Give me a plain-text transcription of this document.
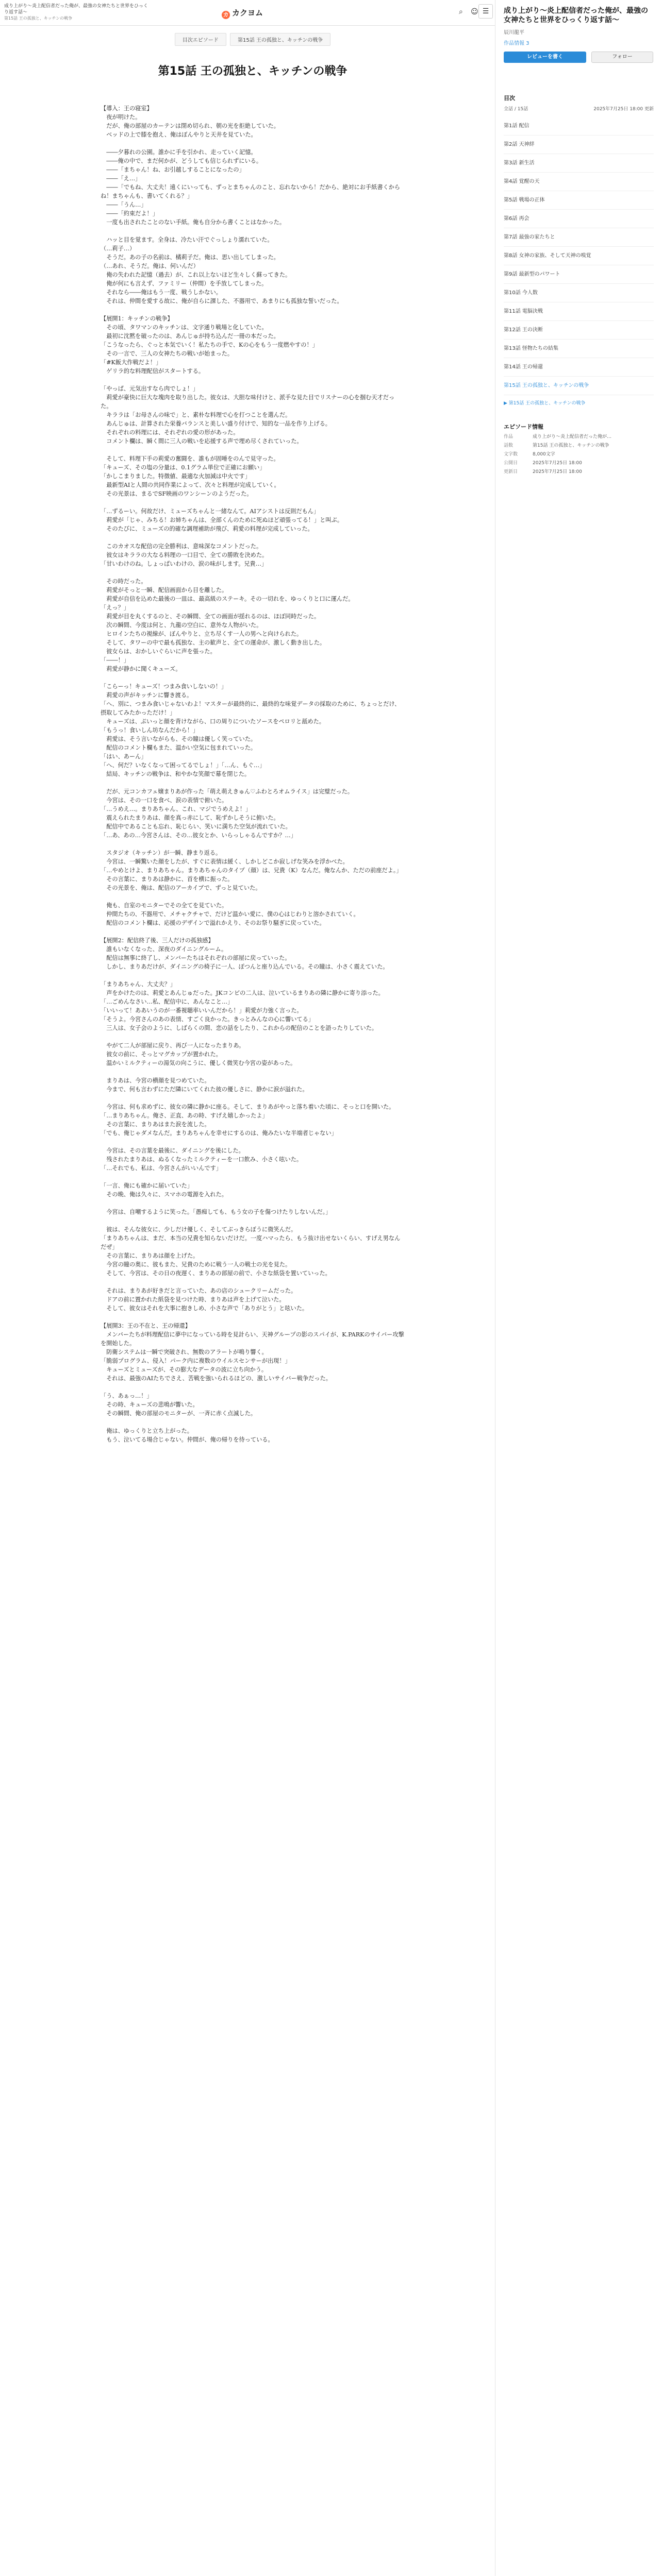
成り上がり〜炎上配信者だった俺が、最強の女神たちと世界をひっくり返す話〜
第15話 王の孤独と、キッチンの戦争
カ カクヨム	⌕ ☺ ☰
目次エピソード	第15話 王の孤独と、キッチンの戦争
第15話 王の孤独と、キッチンの戦争

【導入：王の寝室】

　夜が明けた。

　だが、俺の部屋のカーテンは閉め切られ、朝の光を拒絶していた。

　ベッドの上で膝を抱え、俺はぼんやりと天井を見ていた。

　――夕暮れの公園。誰かに手を引かれ、走っていく記憶。

　――俺の中で、まだ何かが、どうしても信じられずにいる。

　――「まちゃん！ね、お引越しすることになったの」

　――「え…」

　――「でもね、大丈夫！遠くにいっても、ずっとまちゃんのこと、忘れないから！だから、絶対にお手紙書くからね！まちゃんも、書いてくれる？」

　――「うん…」

　――「約束だよ！」

　一度も出されたことのない手紙。俺も自分から書くことはなかった。

　ハッと目を覚ます。全身は、冷たい汗でぐっしょり濡れていた。

（…莉子…）

　そうだ。あの子の名前は、橘莉子だ。俺は、思い出してしまった。

（…あれ、そうだ。俺は、何いんだ）

　俺の失われた記憶（過去）が、これ以上ないほど生々しく蘇ってきた。

　俺が何にも言えず、ファミリー（仲間）を手放してしまった。

　それなら――俺はもう一度、戦うしかない。

　それは、仲間を愛する故に、俺が自らに課した、不器用で、あまりにも孤独な誓いだった。

【展開1：キッチンの戦争】

　その頃、タワマンのキッチンは、文字通り戦場と化していた。

　最初に沈黙を破ったのは、あんじゅが持ち込んだ一冊の本だった。

「こうなったら、ぐっと本気でいく！私たちの手で、Kの心をもう一度燃やすの！」

　その一言で、三人の女神たちの戦いが始まった。

「#K飯大作戦だよ！」

　ゲリラ的な料理配信がスタートする。

「やっぱ、元気出すなら肉でしょ！」

　莉愛が豪快に巨大な塊肉を取り出した。彼女は、大胆な味付けと、派手な見た目でリスナーの心を掴む天才だった。

　キララは「お母さんの味で」と、素朴な料理で心を打つことを選んだ。

　あんじゅは、計算された栄養バランスと美しい盛り付けで、知的な一品を作り上げる。

　それぞれの料理には、それぞれの愛の形があった。

　コメント欄は、瞬く間に三人の戦いを応援する声で埋め尽くされていった。

　そして、料理下手の莉愛の奮闘を、誰もが固唾をのんで見守った。

「キューズ、その塩の分量は、0.1グラム単位で正確にお願い」

「かしこまりました。特徴値、最適な火加減は中火です」

　最新型AIと人間の共同作業によって、次々と料理が完成していく。

　その光景は、まるでSF映画のワンシーンのようだった。

「…ずるーい。何故だけ、ミューズちゃんと一緒なんて。AIアシストは反則だもん」

　莉愛が「じゃ、みちる！お姉ちゃんは、全部くんのために死ぬほど頑張ってる！」と叫ぶ。

　そのたびに、ミューズの的確な調理補助が飛び、莉愛の料理が完成していった。

　このカオスな配信の完全勝利は、意味深なコメントだった。

　彼女はキララの大なる料理の一口目で、全ての勝敗を決めた。

「甘いわけのね。しょっぱいわけの、涙の味がします。兄貴…」

　その時だった。

　莉愛がそっと一瞬、配信画面から目を離した。

　莉愛が自信を込めた最後の一皿は、最高級のステーキ。その一切れを、ゆっくりと口に運んだ。

「えっ？」

　莉愛が目を丸くするのと、その瞬間、全ての画面が揺れるのは、ほぼ同時だった。

　次の瞬間、今度は何と、九龍の空白に、意外な人物がいた。

　ヒロインたちの視線が、ぼんやりと、立ち尽くす一人の男へと向けられた。

　そして、タワーの中で最も孤独な、主の歓声と、全ての運命が、激しく動き出した。

　彼女らは、おかしいぐらいに声を張った。

「――！」

　莉愛が静かに聞くキューズ。

「こらーっ！キューズ！つまみ食いしないの！」

　莉愛の声がキッチンに響き渡る。

「へ、別に、つまみ食いじゃないわよ！マスターが最終的に、最終的な味覚データの採取のために、ちょっとだけ、摂取してみたかっただけ！」

　キューズは、ぷいっと顔を背けながら、口の周りについたソースをペロリと舐めた。

「もうっ！食いしん坊なんだから！」

　莉愛は、そう言いながらも、その瞳は優しく笑っていた。

　配信のコメント欄もまた、温かい空気に包まれていった。

「はい、あーん」

「へ、何だ？いなくなって困ってるでしょ！」「…ん、もぐ…」

　結局、キッチンの戦争は、和やかな笑顔で幕を閉じた。

　だが、元コンカフェ嬢まりあが作った「萌え萌えきゅん♡ふわとろオムライス」は完璧だった。

　今宮は、その一口を食べ、涙の表情で俯いた。

「…うめえ…。まりあちゃん、これ、マジでうめえよ！」

　震えられたまりあは、顔を真っ赤にして、恥ずかしそうに俯いた。

　配信中であることも忘れ、恥じらい、笑いに満ちた空気が流れていた。

「…あ、あの…今宮さんは、その…彼女とか、いらっしゃるんですか？…」

　スタジオ（キッチン）が一瞬、静まり返る。

　今宮は、一瞬驚いた顔をしたが、すぐに表情は緩く、しかしどこか寂しげな笑みを浮かべた。

「…やめとけよ、まりあちゃん。まりあちゃんのタイプ（顔）は、兄貴（K）なんだ。俺なんか、ただの前座だよ。」

　その言葉に、まりあは静かに、首を横に振った。

　その光景を、俺は、配信のアーカイブで、ずっと見ていた。

　俺も、自室のモニターでその全てを見ていた。

　仲間たちの、不器用で、メチャクチャで、だけど温かい愛に、僕の心はじわりと溶かされていく。

　配信のコメント欄は、応援のデザインで溢れかえり、そのお祭り騒ぎに戻っていた。

【展開2：配信終了後、三人だけの孤独感】

　誰もいなくなった、深夜のダイニングルーム。

　配信は無事に終了し、メンバーたちはそれぞれの部屋に戻っていった。

　しかし、まりあだけが、ダイニングの椅子に一人、ぽつんと座り込んでいる。その瞳は、小さく震えていた。

「まりあちゃん、大丈夫？」

　声をかけたのは、莉愛とあんじゅだった。JKコンビの二人は、泣いているまりあの隣に静かに寄り添った。

「…ごめんなさい…私、配信中に、あんなこと…」

「いいって！ああいうのが一番視聴率いいんだから！」莉愛が力強く言った。

「そうよ。今宮さんのあの表情、すごく良かった。きっとみんなの心に響いてる」

　三人は、女子会のように、しばらくの間、恋の話をしたり、これからの配信のことを語ったりしていた。

　やがて二人が部屋に戻り、再び一人になったまりあ。

　彼女の前に、そっとマグカップが置かれた。

　温かいミルクティーの湯気の向こうに、優しく微笑む今宮の姿があった。

　まりあは、今宮の横顔を見つめていた。

　今まで、何も言わずにただ隣にいてくれた彼の優しさに、静かに涙が溢れた。

　今宮は、何も求めずに、彼女の隣に静かに座る。そして、まりあがやっと落ち着いた頃に、そっと口を開いた。

「…まりあちゃん。俺さ、正直、あの時、すげえ嬉しかったよ」

　その言葉に、まりあはまた涙を流した。

「でも、俺じゃダメなんだ。まりあちゃんを幸せにするのは、俺みたいな半端者じゃない」

　今宮は、その言葉を最後に、ダイニングを後にした。

　残されたまりあは、ぬるくなったミルクティーを一口飲み、小さく呟いた。

「…それでも、私は、今宮さんがいいんです」

「一言、俺にも確かに届いていた」

　その晩、俺は久々に、スマホの電源を入れた。

　今宮は、自嘲するように笑った。「愚痴しても、もう女の子を傷つけたりしないんだ。」

　彼は、そんな彼女に、少しだけ優しく、そしてぶっきらぼうに微笑んだ。

「まりあちゃんは、まだ、本当の兄貴を知らないだけだ。一度ハマったら、もう抜け出せないくらい、すげえ男なんだぜ」

　その言葉に、まりあは顔を上げた。

　今宮の瞳の奥に、彼もまた、兄貴のために戦う一人の戦士の光を見た。

　そして、今宮は、その日の夜遅く、まりあの部屋の前で、小さな紙袋を置いていった。

　それは、まりあが好きだと言っていた、あの店のシュークリームだった。

　ドアの前に置かれた紙袋を見つけた時、まりあは声を上げて泣いた。

　そして、彼女はそれを大事に抱きしめ、小さな声で「ありがとう」と呟いた。

【展開3：王の不在と、王の帰還】

　メンバーたちが料理配信に夢中になっている時を見計らい、天神グループの影のスパイが、K.PARKのサイバー攻撃を開始した。

　防衛システムは一瞬で突破され、無数のアラートが鳴り響く。

「脆弱プログラム、侵入！パーク内に複数のウイルスセンサーが出現！」

　キューズとミューズが、その膨大なデータの波に立ち向かう。

　それは、最強のAIたちでさえ、苦戦を強いられるほどの、激しいサイバー戦争だった。

「う、あぁっ…！」

　その時、キューズの悲鳴が響いた。

　その瞬間、俺の部屋のモニターが、一斉に赤く点滅した。

　俺は、ゆっくりと立ち上がった。

　もう、泣いてる場合じゃない。仲間が、俺の帰りを待っている。

成り上がり〜炎上配信者だった俺が、最強の女神たちと世界をひっくり返す話〜
辰川龍平
作品情報 3
レビューを書く	フォロー
目次
全話 / 15話	2025年7月25日 18:00 更新
第1話 配信
第2話 天神絆
第3話 新生活
第4話 覚醒の天
第5話 戦場の正体
第6話 再会
第7話 最強の家たちと
第8話 女神の家族、そして天神の嗅覚
第9話 最新型のパワート
第10話 今人数
第11話 電脳決戦
第12話 王の決断
第13話 怪物たちの結集
第14話 王の帰還
第15話 王の孤独と、キッチンの戦争
▶ 第15話 王の孤独と、キッチンの戦争
エピソード情報
作品	成り上がり〜炎上配信者だった俺が…
話数	第15話 王の孤独と、キッチンの戦争
文字数	8,000文字
公開日	2025年7月25日 18:00
更新日	2025年7月25日 18:00
